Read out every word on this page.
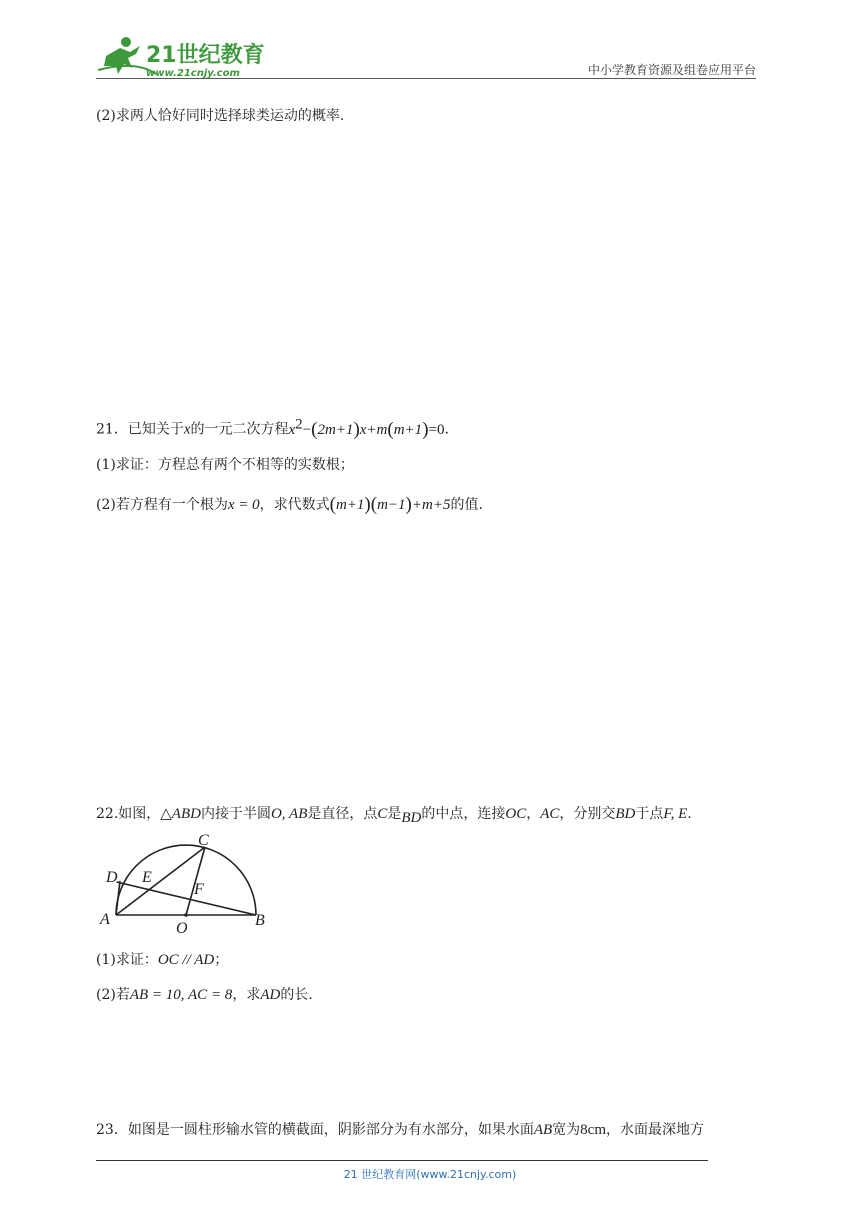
21世纪教育
www.21cnjy.com	中小学教育资源及组卷应用平台
(2)求两人恰好同时选择球类运动的概率.
21．已知关于x的一元二次方程$x^2-(2m+1)x+m(m+1)=0$.
(1)求证：方程总有两个不相等的实数根；
(2)若方程有一个根为x = 0，求代数式(m+1)(m−1)+m+5的值.
22.如图，△ABD内接于半圆O, AB是直径，点C是BD的中点，连接OC，AC，分别交BD于点F, E.
A	B
C
D E
F
O
(1)求证：OC // AD；
(2)若AB = 10, AC = 8，求AD的长.
23．如图是一圆柱形输水管的横截面，阴影部分为有水部分，如果水面AB宽为8cm，水面最深地方
21 世纪教育网(www.21cnjy.com)
